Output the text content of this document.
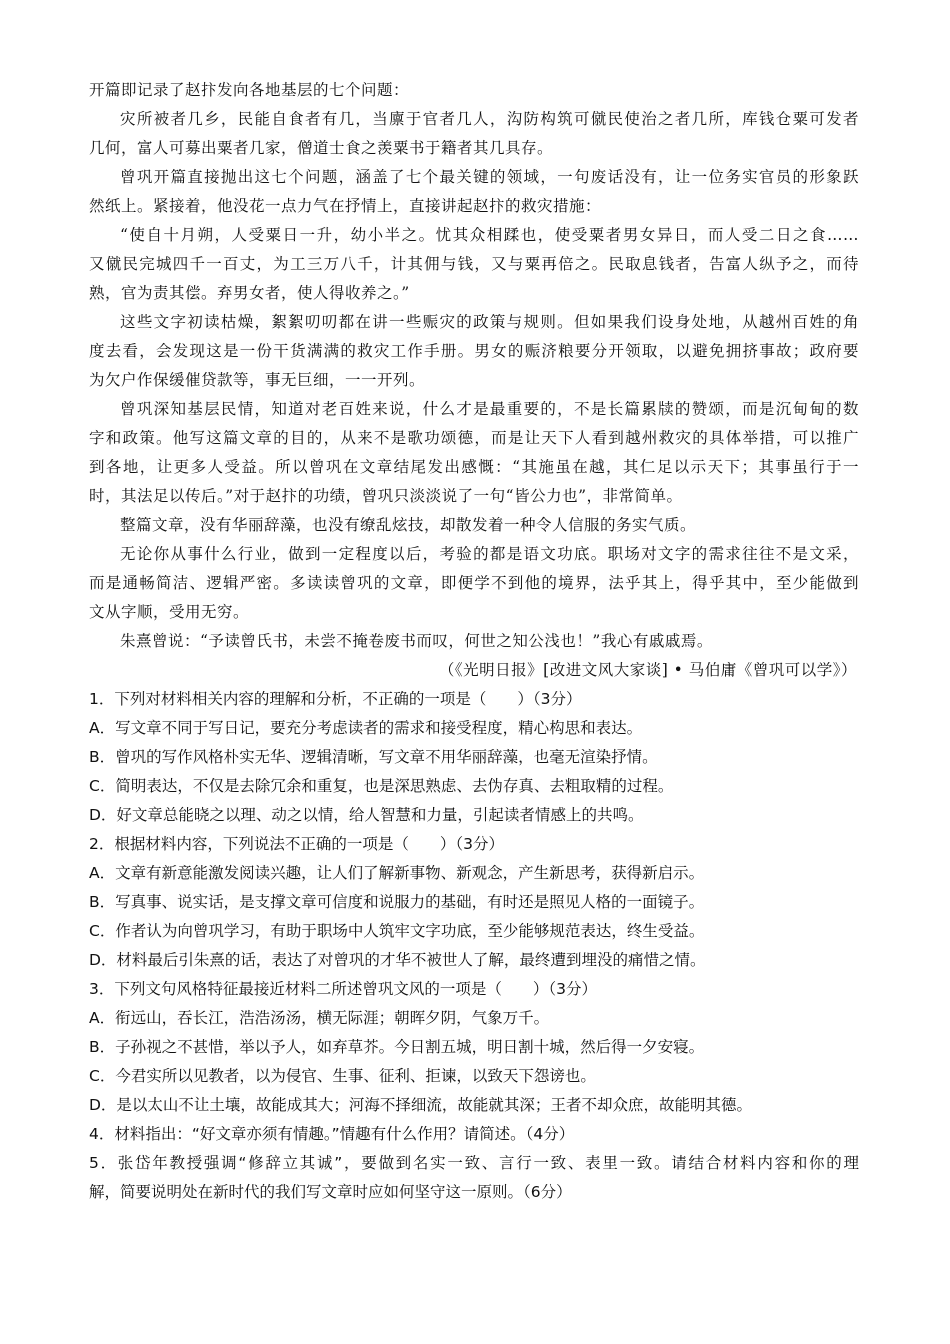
开篇即记录了赵抃发向各地基层的七个问题：
灾所被者几乡，民能自食者有几，当廪于官者几人，沟防构筑可僦民使治之者几所，库钱仓粟可发者
几何，富人可募出粟者几家，僧道士食之羡粟书于籍者其几具存。
曾巩开篇直接抛出这七个问题，涵盖了七个最关键的领域，一句废话没有，让一位务实官员的形象跃
然纸上。紧接着，他没花一点力气在抒情上，直接讲起赵抃的救灾措施：
“使自十月朔，人受粟日一升，幼小半之。忧其众相蹂也，使受粟者男女异日，而人受二日之食……
又僦民完城四千一百丈，为工三万八千，计其佣与钱，又与粟再倍之。民取息钱者，告富人纵予之，而待
熟，官为责其偿。弃男女者，使人得收养之。”
这些文字初读枯燥，絮絮叨叨都在讲一些赈灾的政策与规则。但如果我们设身处地，从越州百姓的角
度去看，会发现这是一份干货满满的救灾工作手册。男女的赈济粮要分开领取，以避免拥挤事故；政府要
为欠户作保缓催贷款等，事无巨细，一一开列。
曾巩深知基层民情，知道对老百姓来说，什么才是最重要的，不是长篇累牍的赞颂，而是沉甸甸的数
字和政策。他写这篇文章的目的，从来不是歌功颂德，而是让天下人看到越州救灾的具体举措，可以推广
到各地，让更多人受益。所以曾巩在文章结尾发出感慨：“其施虽在越，其仁足以示天下；其事虽行于一
时，其法足以传后。”对于赵抃的功绩，曾巩只淡淡说了一句“皆公力也”，非常简单。
整篇文章，没有华丽辞藻，也没有缭乱炫技，却散发着一种令人信服的务实气质。
无论你从事什么行业，做到一定程度以后，考验的都是语文功底。职场对文字的需求往往不是文采，
而是通畅简洁、逻辑严密。多读读曾巩的文章，即便学不到他的境界，法乎其上，得乎其中，至少能做到
文从字顺，受用无穷。
朱熹曾说：“予读曾氏书，未尝不掩卷废书而叹，何世之知公浅也！”我心有戚戚焉。
（《光明日报》[改进文风大家谈] • 马伯庸《曾巩可以学》）
1．下列对材料相关内容的理解和分析，不正确的一项是（　　）（3分）
A．写文章不同于写日记，要充分考虑读者的需求和接受程度，精心构思和表达。
B．曾巩的写作风格朴实无华、逻辑清晰，写文章不用华丽辞藻，也毫无渲染抒情。
C．简明表达，不仅是去除冗余和重复，也是深思熟虑、去伪存真、去粗取精的过程。
D．好文章总能晓之以理、动之以情，给人智慧和力量，引起读者情感上的共鸣。
2．根据材料内容，下列说法不正确的一项是（　　）（3分）
A．文章有新意能激发阅读兴趣，让人们了解新事物、新观念，产生新思考，获得新启示。
B．写真事、说实话，是支撑文章可信度和说服力的基础，有时还是照见人格的一面镜子。
C．作者认为向曾巩学习，有助于职场中人筑牢文字功底，至少能够规范表达，终生受益。
D．材料最后引朱熹的话，表达了对曾巩的才华不被世人了解，最终遭到埋没的痛惜之情。
3．下列文句风格特征最接近材料二所述曾巩文风的一项是（　　）（3分）
A．衔远山，吞长江，浩浩汤汤，横无际涯；朝晖夕阴，气象万千。
B．子孙视之不甚惜，举以予人，如弃草芥。今日割五城，明日割十城，然后得一夕安寝。
C．今君实所以见教者，以为侵官、生事、征利、拒谏，以致天下怨谤也。
D．是以太山不让土壤，故能成其大；河海不择细流，故能就其深；王者不却众庶，故能明其德。
4．材料指出：“好文章亦须有情趣。”情趣有什么作用？请简述。（4分）
5．张岱年教授强调“修辞立其诚”，要做到名实一致、言行一致、表里一致。请结合材料内容和你的理
解，简要说明处在新时代的我们写文章时应如何坚守这一原则。（6分）
